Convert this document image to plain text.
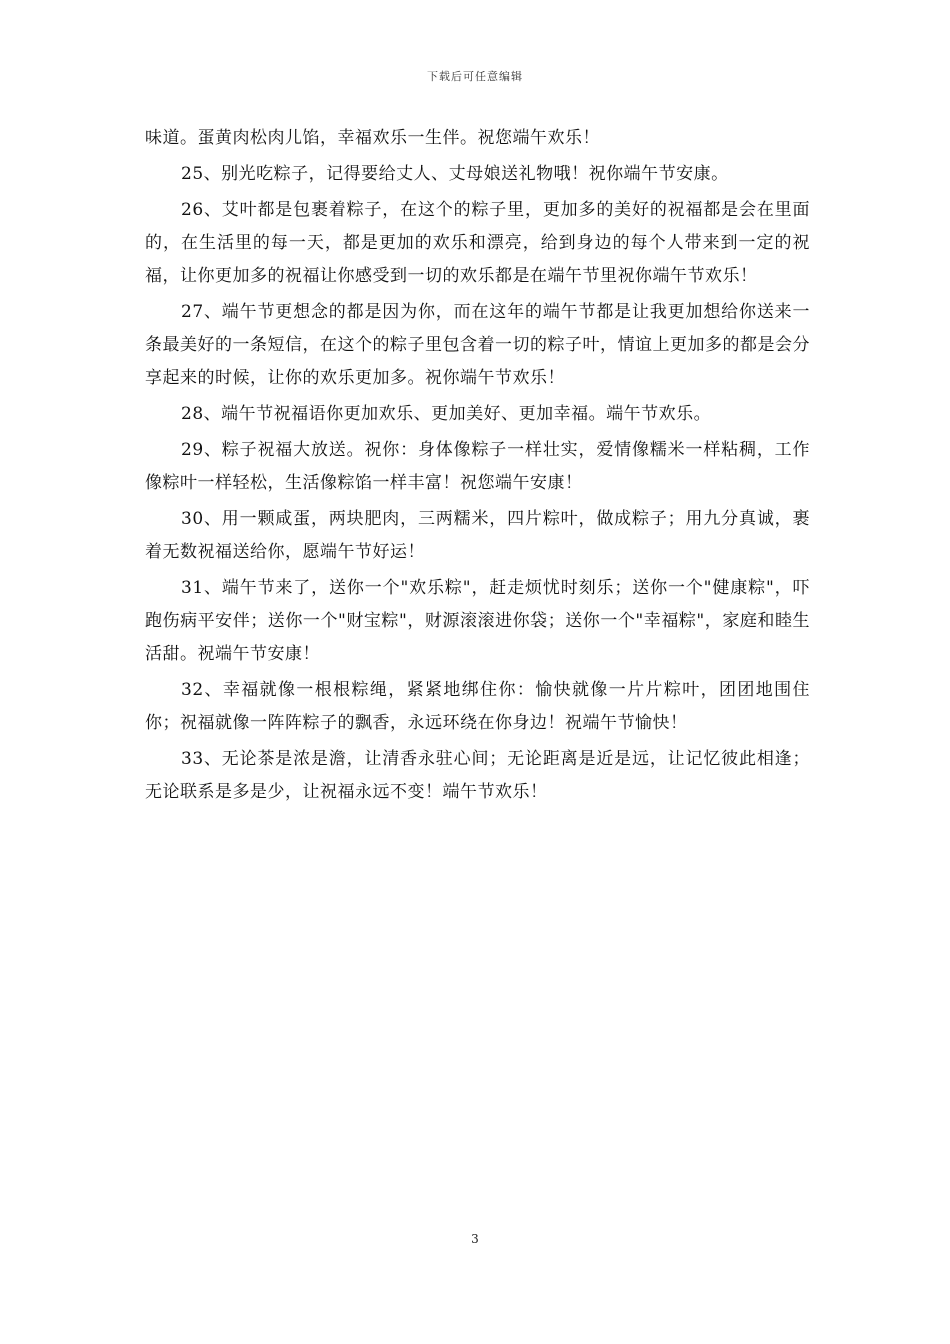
下载后可任意编辑

味道。蛋黄肉松肉儿馅，幸福欢乐一生伴。祝您端午欢乐！

25、别光吃粽子，记得要给丈人、丈母娘送礼物哦！祝你端午节安康。

26、艾叶都是包裹着粽子，在这个的粽子里，更加多的美好的祝福都是会在里面的，在生活里的每一天，都是更加的欢乐和漂亮，给到身边的每个人带来到一定的祝福，让你更加多的祝福让你感受到一切的欢乐都是在端午节里祝你端午节欢乐！

27、端午节更想念的都是因为你，而在这年的端午节都是让我更加想给你送来一条最美好的一条短信，在这个的粽子里包含着一切的粽子叶，情谊上更加多的都是会分享起来的时候，让你的欢乐更加多。祝你端午节欢乐！

28、端午节祝福语你更加欢乐、更加美好、更加幸福。端午节欢乐。

29、粽子祝福大放送。祝你：身体像粽子一样壮实，爱情像糯米一样粘稠，工作像粽叶一样轻松，生活像粽馅一样丰富！祝您端午安康！

30、用一颗咸蛋，两块肥肉，三两糯米，四片粽叶，做成粽子；用九分真诚，裹着无数祝福送给你，愿端午节好运！

31、端午节来了，送你一个"欢乐粽"，赶走烦忧时刻乐；送你一个"健康粽"，吓跑伤病平安伴；送你一个"财宝粽"，财源滚滚进你袋；送你一个"幸福粽"，家庭和睦生活甜。祝端午节安康！

32、幸福就像一根根粽绳，紧紧地绑住你：愉快就像一片片粽叶，团团地围住你；祝福就像一阵阵粽子的飘香，永远环绕在你身边！祝端午节愉快！

33、无论茶是浓是澹，让清香永驻心间；无论距离是近是远，让记忆彼此相逢；无论联系是多是少，让祝福永远不变！端午节欢乐！

3
